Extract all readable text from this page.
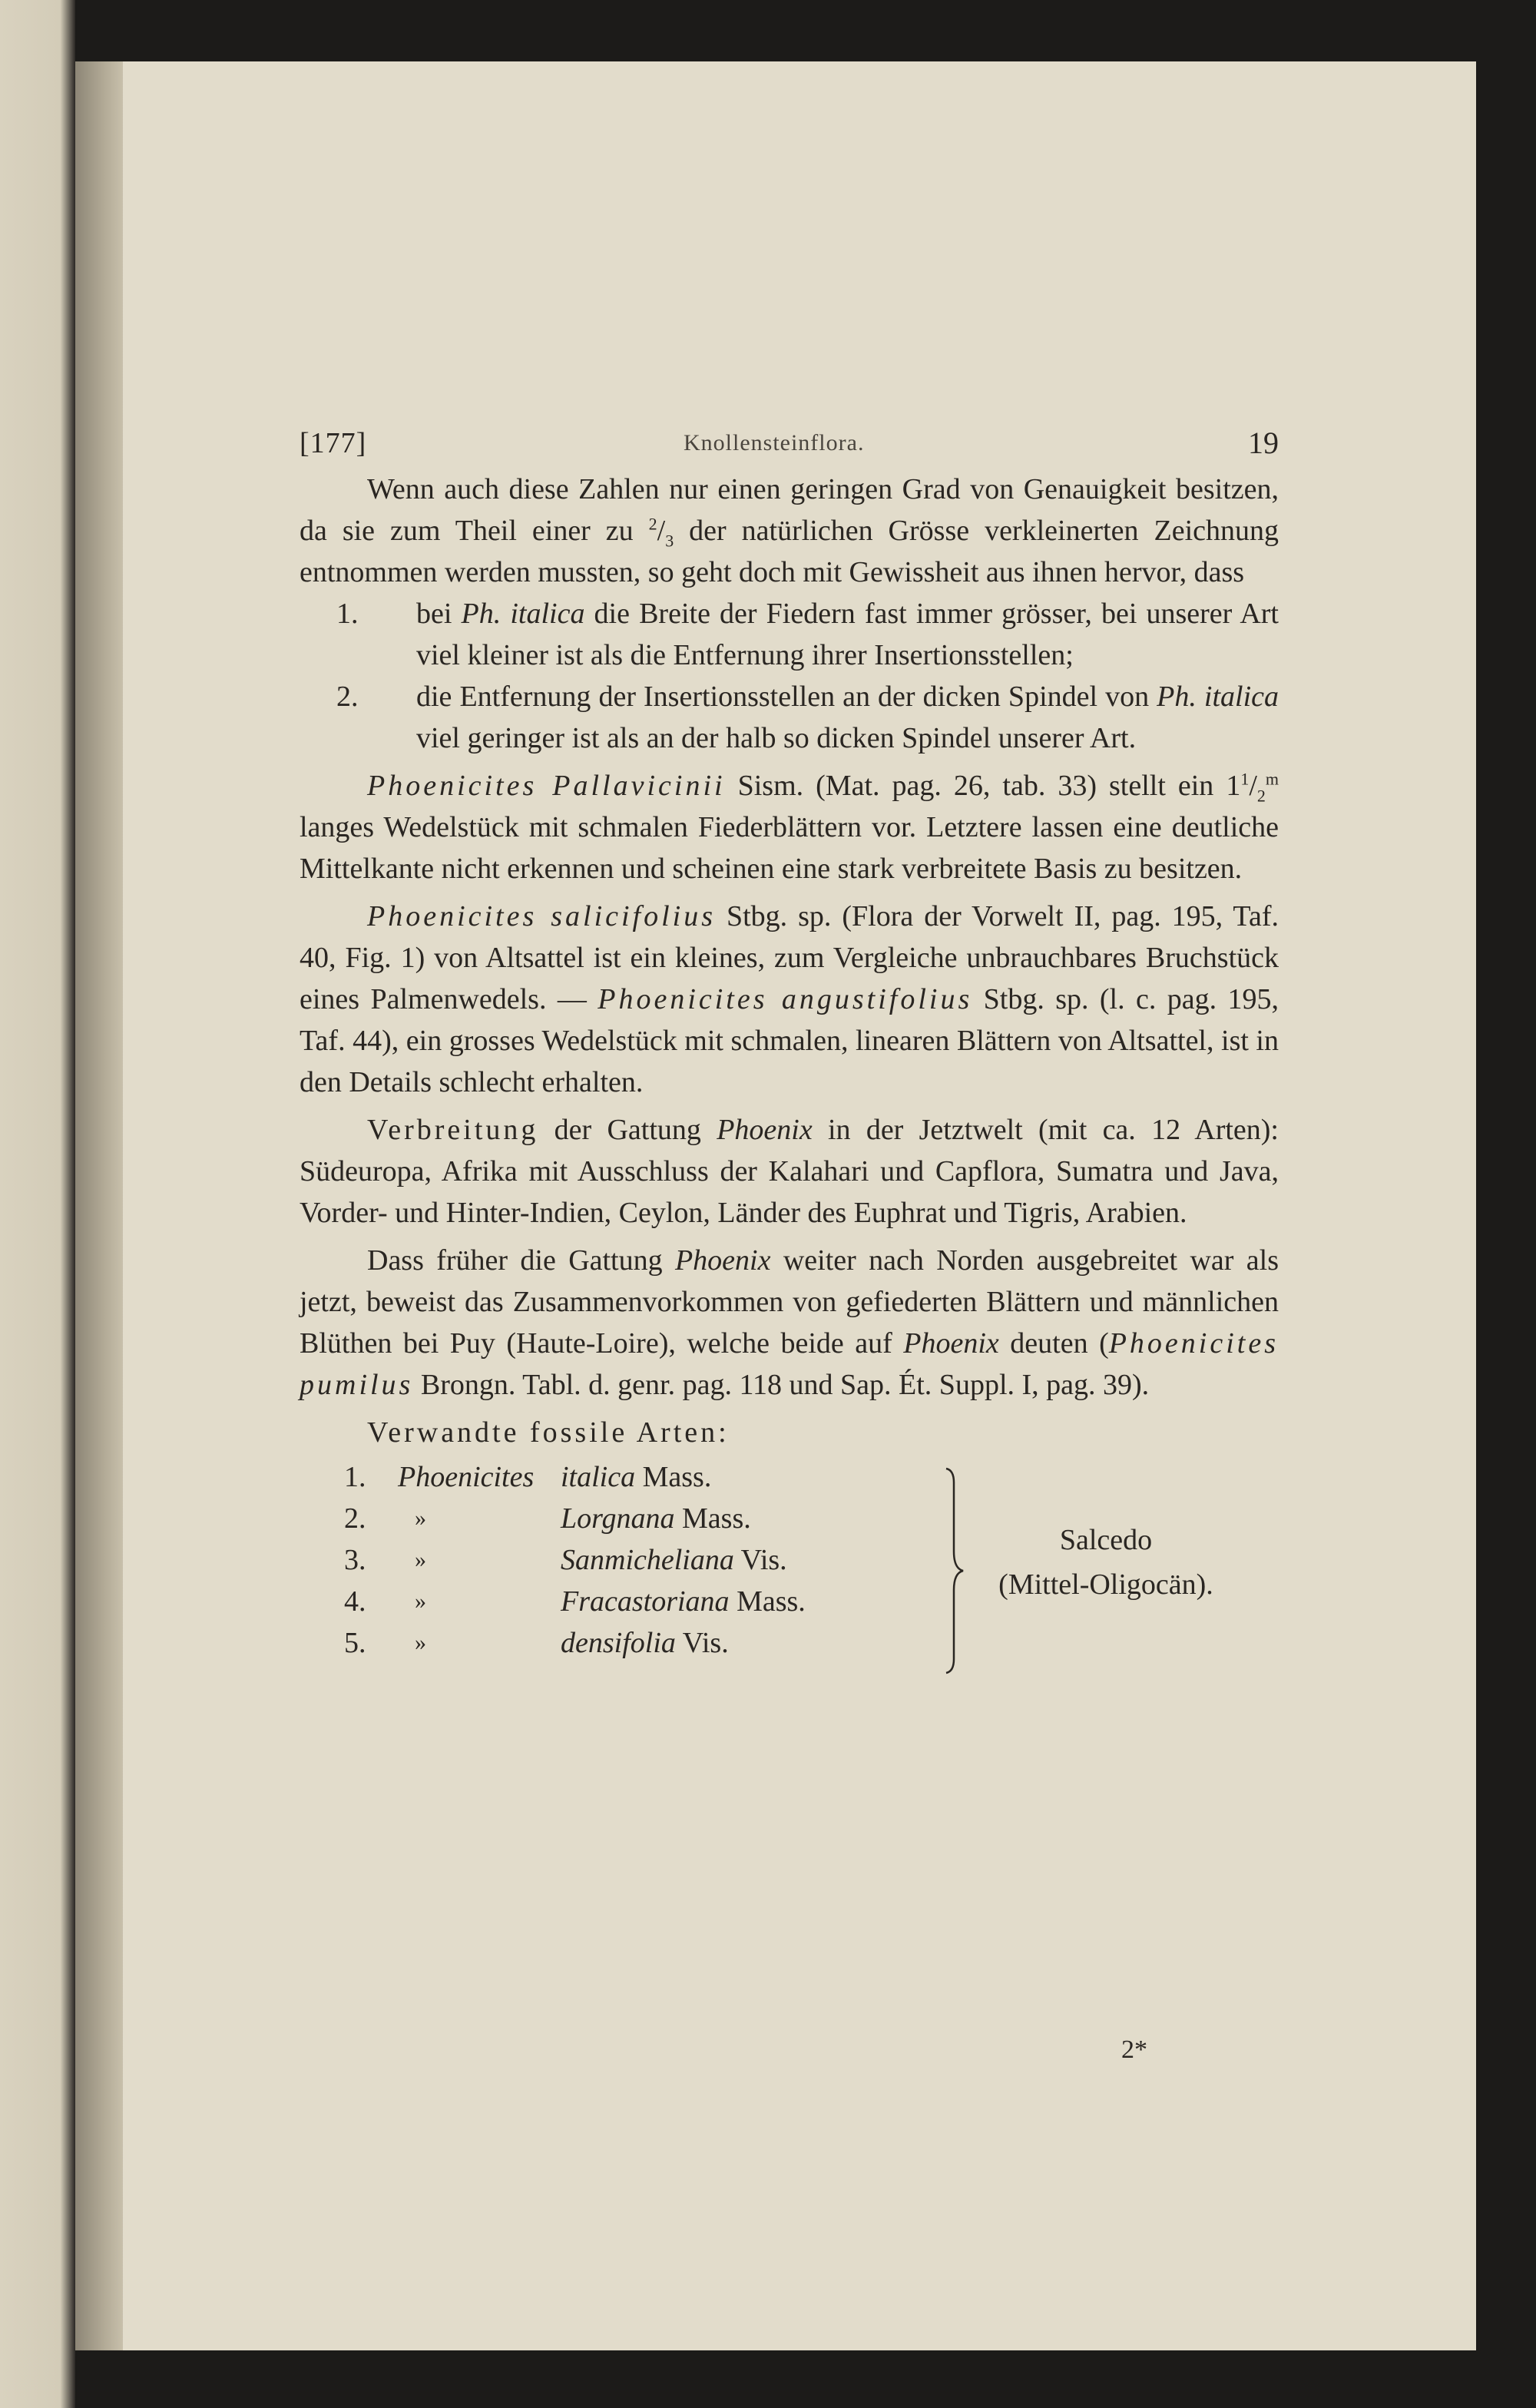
[177]	Knollensteinflora.	19

Wenn auch diese Zahlen nur einen geringen Grad von Genauigkeit besitzen, da sie zum Theil einer zu $^2/_3$ der natürlichen Grösse verkleinerten Zeichnung entnommen werden mussten, so geht doch mit Gewissheit aus ihnen hervor, dass

1.	bei Ph. italica die Breite der Fiedern fast immer grösser, bei unserer Art viel kleiner ist als die Entfernung ihrer Insertionsstellen;
2.	die Entfernung der Insertionsstellen an der dicken Spindel von Ph. italica viel geringer ist als an der halb so dicken Spindel unserer Art.

Phoenicites Pallavicinii Sism. (Mat. pag. 26, tab. 33) stellt ein $1^1/_2^m$ langes Wedelstück mit schmalen Fiederblättern vor. Letztere lassen eine deutliche Mittelkante nicht erkennen und scheinen eine stark verbreitete Basis zu besitzen.

Phoenicites salicifolius Stbg. sp. (Flora der Vorwelt II, pag. 195, Taf. 40, Fig. 1) von Altsattel ist ein kleines, zum Vergleiche unbrauchbares Bruchstück eines Palmenwedels. — Phoenicites angustifolius Stbg. sp. (l. c. pag. 195, Taf. 44), ein grosses Wedelstück mit schmalen, linearen Blättern von Altsattel, ist in den Details schlecht erhalten.

Verbreitung der Gattung Phoenix in der Jetztwelt (mit ca. 12 Arten): Südeuropa, Afrika mit Ausschluss der Kalahari und Capflora, Sumatra und Java, Vorder- und Hinter-Indien, Ceylon, Länder des Euphrat und Tigris, Arabien.

Dass früher die Gattung Phoenix weiter nach Norden ausgebreitet war als jetzt, beweist das Zusammenvorkommen von gefiederten Blättern und männlichen Blüthen bei Puy (Haute-Loire), welche beide auf Phoenix deuten (Phoenicites pumilus Brongn. Tabl. d. genr. pag. 118 und Sap. Ét. Suppl. I, pag. 39).

Verwandte fossile Arten:

1. Phoenicites italica Mass.
2. »	Lorgnana Mass.
3. »	Sanmicheliana Vis.
4. »	Fracastoriana Mass.
5. »	densifolia Vis.
Salcedo
(Mittel-Oligocän).
2*
